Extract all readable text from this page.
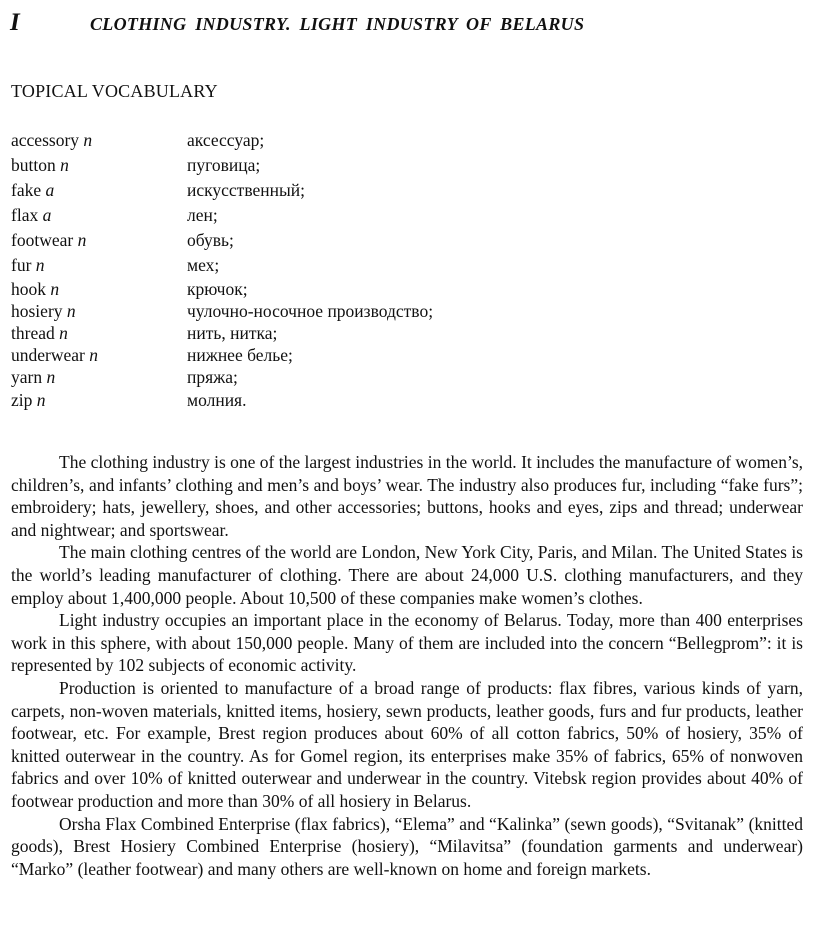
I	CLOTHING INDUSTRY. LIGHT INDUSTRY OF BELARUS
TOPICAL VOCABULARY
accessory n	аксессуар;
button n	пуговица;
fake a	искусственный;
flax a	лен;
footwear n	обувь;
fur n	мех;
hook n	крючок;
hosiery n	чулочно-носочное производство;
thread n	нить, нитка;
underwear n	нижнее белье;
yarn n	пряжа;
zip n	молния.

The clothing industry is one of the largest industries in the world. It includes the manufacture of women’s, children’s, and infants’ clothing and men’s and boys’ wear. The industry also produces fur, including “fake furs”; embroidery; hats, jewellery, shoes, and other accessories; buttons, hooks and eyes, zips and thread; underwear and nightwear; and sportswear.

The main clothing centres of the world are London, New York City, Paris, and Milan. The United States is the world’s leading manufacturer of clothing. There are about 24,000 U.S. clothing manufacturers, and they employ about 1,400,000 people. About 10,500 of these companies make women’s clothes.

Light industry occupies an important place in the economy of Belarus. Today, more than 400 enterprises work in this sphere, with about 150,000 people. Many of them are included into the concern “Bellegprom”: it is represented by 102 subjects of economic activity.

Production is oriented to manufacture of a broad range of products: flax fibres, various kinds of yarn, carpets, non-woven materials, knitted items, hosiery, sewn products, leather goods, furs and fur products, leather footwear, etc. For example, Brest region produces about 60% of all cotton fabrics, 50% of hosiery, 35% of knitted outerwear in the country. As for Gomel region, its enterprises make 35% of fabrics, 65% of nonwoven fabrics and over 10% of knitted outerwear and underwear in the country. Vitebsk region provides about 40% of footwear production and more than 30% of all hosiery in Belarus.

Orsha Flax Combined Enterprise (flax fabrics), “Elema” and “Kalinka” (sewn goods), “Svitanak” (knitted goods), Brest Hosiery Combined Enterprise (hosiery), “Milavitsa” (foundation garments and underwear) “Marko” (leather footwear) and many others are well-known on home and foreign markets.
